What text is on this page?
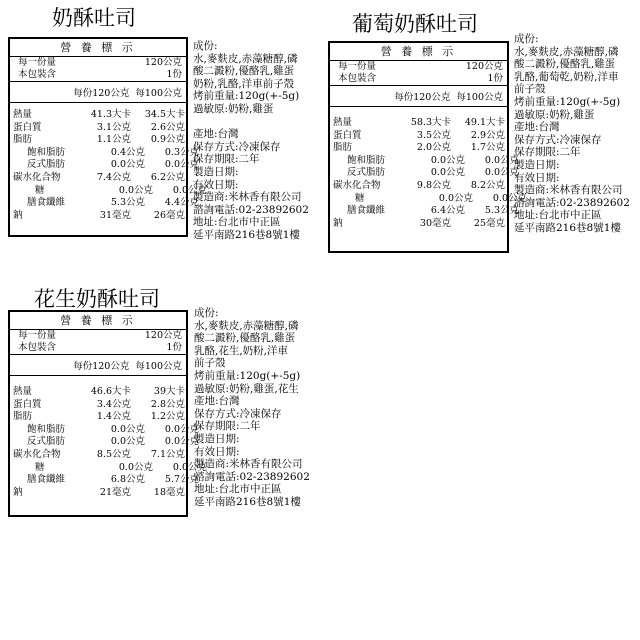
奶酥吐司
營 養 標 示
每一份量	120公克
本包裝含	1份
每份120公克 每100公克
熱量	41.3大卡	34.5大卡
蛋白質	3.1公克	2.6公克
脂肪	1.1公克	0.9公克
飽和脂肪	0.4公克	0.3公克
反式脂肪	0.0公克	0.0公克
碳水化合物	7.4公克	6.2公克
糖	0.0公克	0.0公克
膳食纖維	5.3公克	4.4公克
鈉	31毫克	26毫克
成份:
水,麥麩皮,赤藻糖醇,磷
酸二澱粉,優酪乳,雞蛋
奶粉,乳酪,洋車前子殼
烤前重量:120g(+-5g)
過敏原:奶粉,雞蛋
產地:台灣
保存方式:冷凍保存
保存期限:二年
製造日期:
有效日期:
製造商:米林香有限公司
諮詢電話:02-23892602
地址:台北市中正區
延平南路216巷8號1樓
葡萄奶酥吐司
營 養 標 示
每一份量	120公克
本包裝含	1份
每份120公克 每100公克
熱量	58.3大卡	49.1大卡
蛋白質	3.5公克	2.9公克
脂肪	2.0公克	1.7公克
飽和脂肪	0.0公克	0.0公克
反式脂肪	0.0公克	0.0公克
碳水化合物	9.8公克	8.2公克
糖	0.0公克	0.0公克
膳食纖維	6.4公克	5.3公克
鈉	30毫克	25毫克
成份:
水,麥麩皮,赤藻糖醇,磷
酸二澱粉,優酪乳,雞蛋
乳酪,葡萄乾,奶粉,洋車
前子殼
烤前重量:120g(+-5g)
過敏原:奶粉,雞蛋
產地:台灣
保存方式:冷凍保存
保存期限:二年
製造日期:
有效日期:
製造商:米林香有限公司
諮詢電話:02-23892602
地址:台北市中正區
延平南路216巷8號1樓
花生奶酥吐司
營 養 標 示
每一份量	120公克
本包裝含	1份
每份120公克 每100公克
熱量	46.6大卡	39大卡
蛋白質	3.4公克	2.8公克
脂肪	1.4公克	1.2公克
飽和脂肪	0.0公克	0.0公克
反式脂肪	0.0公克	0.0公克
碳水化合物	8.5公克	7.1公克
糖	0.0公克	0.0公克
膳食纖維	6.8公克	5.7公克
鈉	21毫克	18毫克
成份:
水,麥麩皮,赤藻糖醇,磷
酸二澱粉,優酪乳,雞蛋
乳酪,花生,奶粉,洋車
前子殼
烤前重量:120g(+-5g)
過敏原:奶粉,雞蛋,花生
產地:台灣
保存方式:冷凍保存
保存期限:二年
製造日期:
有效日期:
製造商:米林香有限公司
諮詢電話:02-23892602
地址:台北市中正區
延平南路216巷8號1樓
